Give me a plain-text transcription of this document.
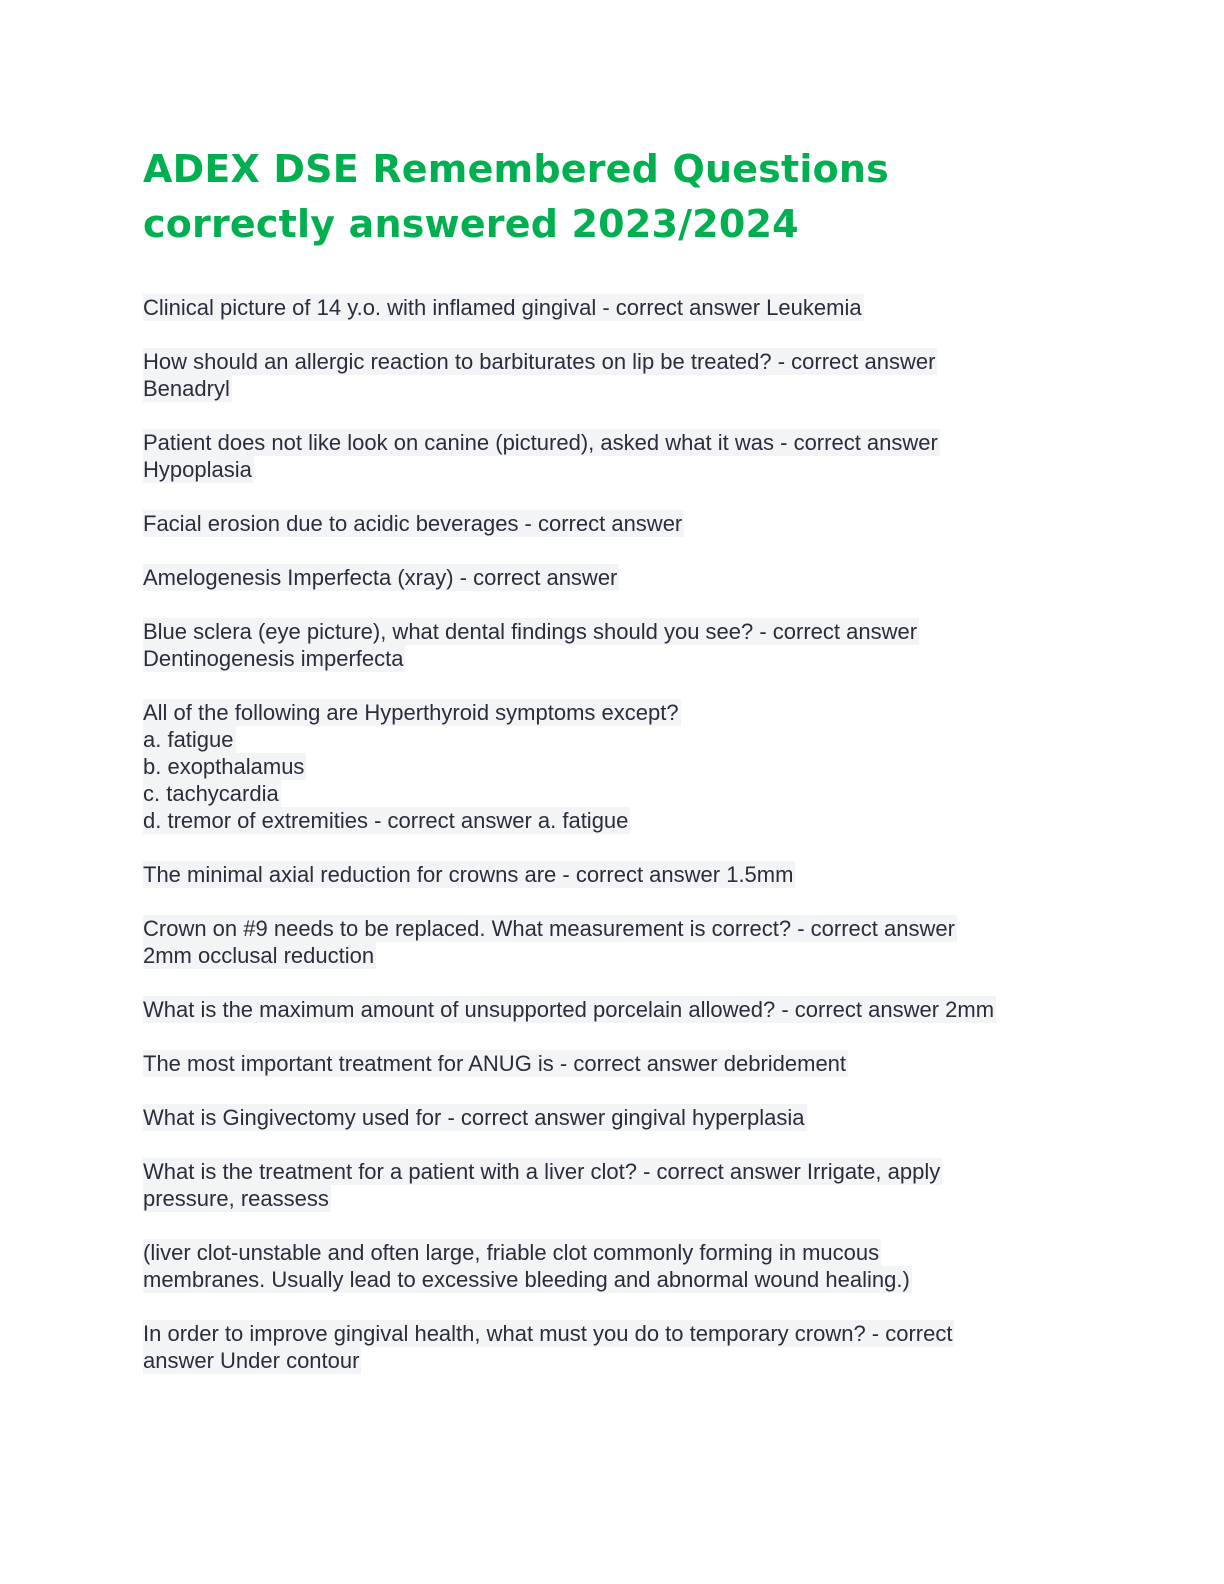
ADEX DSE Remembered Questions
correctly answered 2023/2024
Clinical picture of 14 y.o. with inflamed gingival - correct answer Leukemia
How should an allergic reaction to barbiturates on lip be treated? - correct answer
Benadryl
Patient does not like look on canine (pictured), asked what it was - correct answer
Hypoplasia
Facial erosion due to acidic beverages - correct answer
Amelogenesis Imperfecta (xray) - correct answer
Blue sclera (eye picture), what dental findings should you see? - correct answer
Dentinogenesis imperfecta
All of the following are Hyperthyroid symptoms except?
a. fatigue
b. exopthalamus
c. tachycardia
d. tremor of extremities - correct answer a. fatigue
The minimal axial reduction for crowns are - correct answer 1.5mm
Crown on #9 needs to be replaced. What measurement is correct? - correct answer
2mm occlusal reduction
What is the maximum amount of unsupported porcelain allowed? - correct answer 2mm
The most important treatment for ANUG is - correct answer debridement
What is Gingivectomy used for - correct answer gingival hyperplasia
What is the treatment for a patient with a liver clot? - correct answer Irrigate, apply
pressure, reassess
(liver clot-unstable and often large, friable clot commonly forming in mucous
membranes. Usually lead to excessive bleeding and abnormal wound healing.)
In order to improve gingival health, what must you do to temporary crown? - correct
answer Under contour
